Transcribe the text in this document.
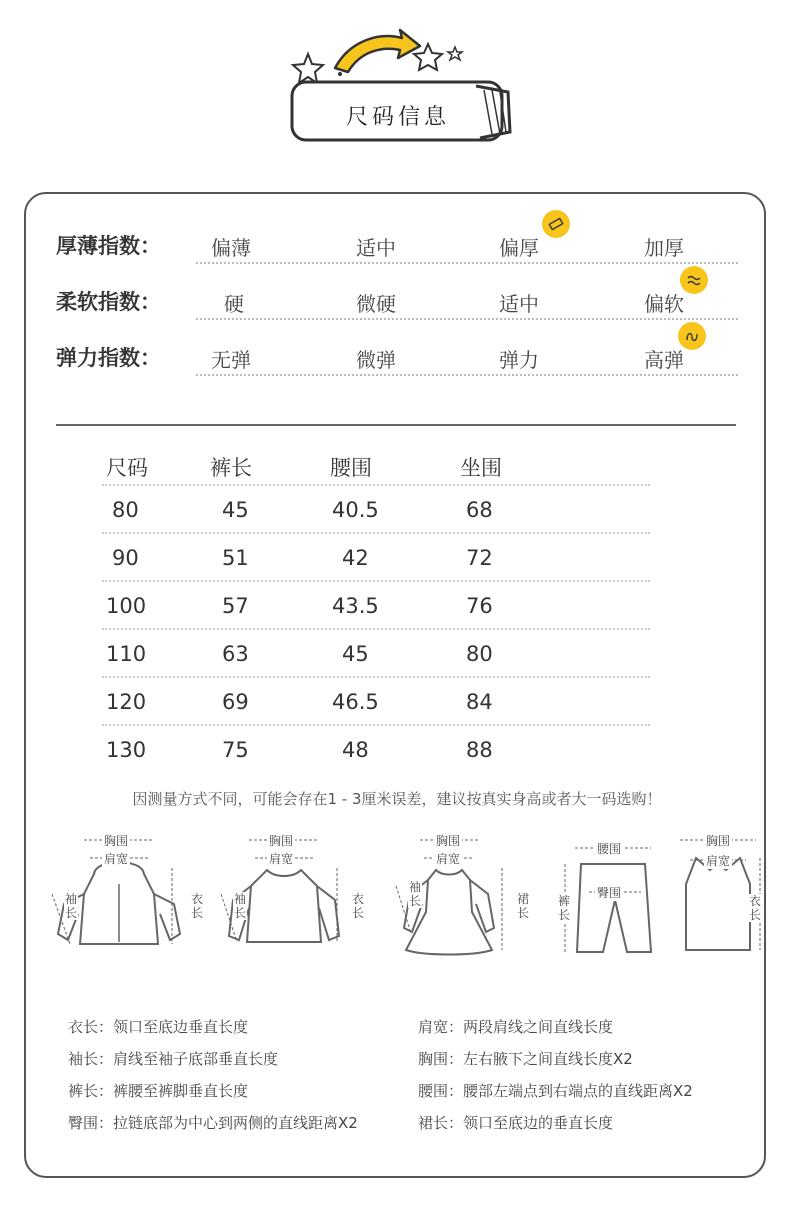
尺码信息
厚薄指数：	偏薄	适中	偏厚	加厚
柔软指数：	硬	微硬	适中	偏软
弹力指数：	无弹	微弹	弹力	高弹
尺码	裤长	腰围	坐围
80	45	40.5	68
90	51	42	72
100	57	43.5	76
110	63	45	80
120	69	46.5	84
130	75	48	88
因测量方式不同，可能会存在1 - 3厘米误差，建议按真实身高或者大一码选购！
胸围
肩宽
袖长
衣长
胸围
肩宽
袖长
衣长
胸围
肩宽
袖长	裙长
腰围
臀围
裤长
胸围
肩宽
衣长
衣长：领口至底边垂直长度
袖长：肩线至袖子底部垂直长度
裤长：裤腰至裤脚垂直长度
臀围：拉链底部为中心到两侧的直线距离X2
肩宽：两段肩线之间直线长度
胸围：左右腋下之间直线长度X2
腰围：腰部左端点到右端点的直线距离X2
裙长：领口至底边的垂直长度
